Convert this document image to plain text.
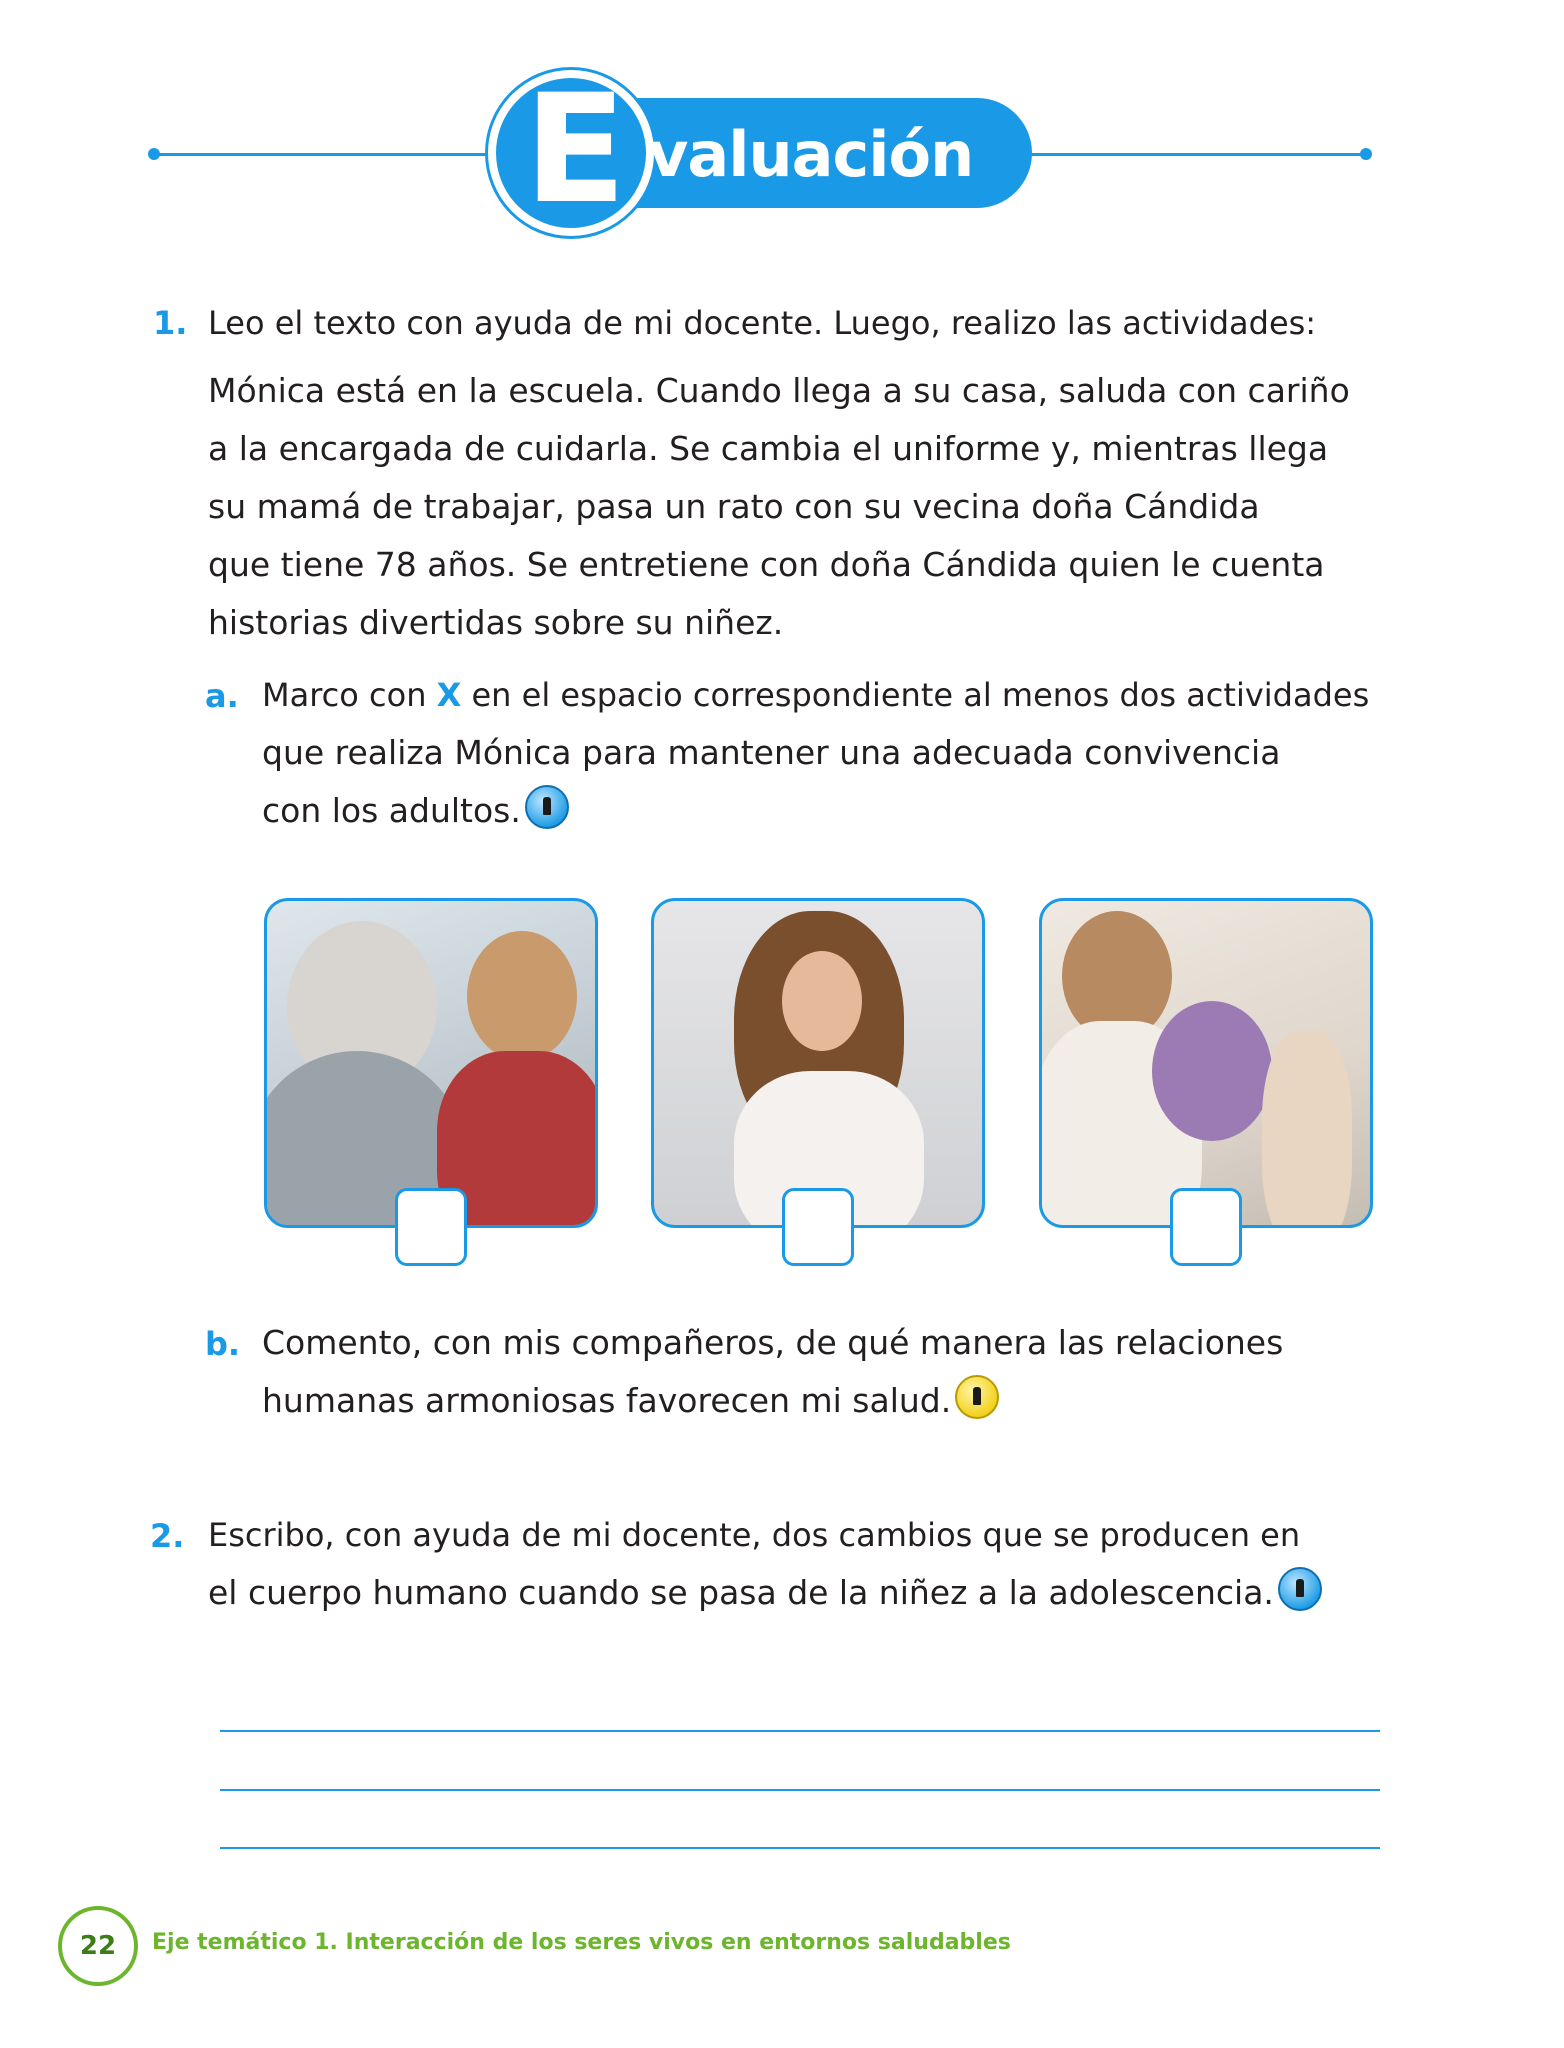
E valuación
1. Leo el texto con ayuda de mi docente. Luego, realizo las actividades:
Mónica está en la escuela. Cuando llega a su casa, saluda con cariño
a la encargada de cuidarla. Se cambia el uniforme y, mientras llega
su mamá de trabajar, pasa un rato con su vecina doña Cándida
que tiene 78 años. Se entretiene con doña Cándida quien le cuenta
historias divertidas sobre su niñez.
a. Marco con X en el espacio correspondiente al menos dos actividades
que realiza Mónica para mantener una adecuada convivencia
con los adultos.
b. Comento, con mis compañeros, de qué manera las relaciones
humanas armoniosas favorecen mi salud.
2. Escribo, con ayuda de mi docente, dos cambios que se producen en
el cuerpo humano cuando se pasa de la niñez a la adolescencia.
22	Eje temático 1. Interacción de los seres vivos en entornos saludables
